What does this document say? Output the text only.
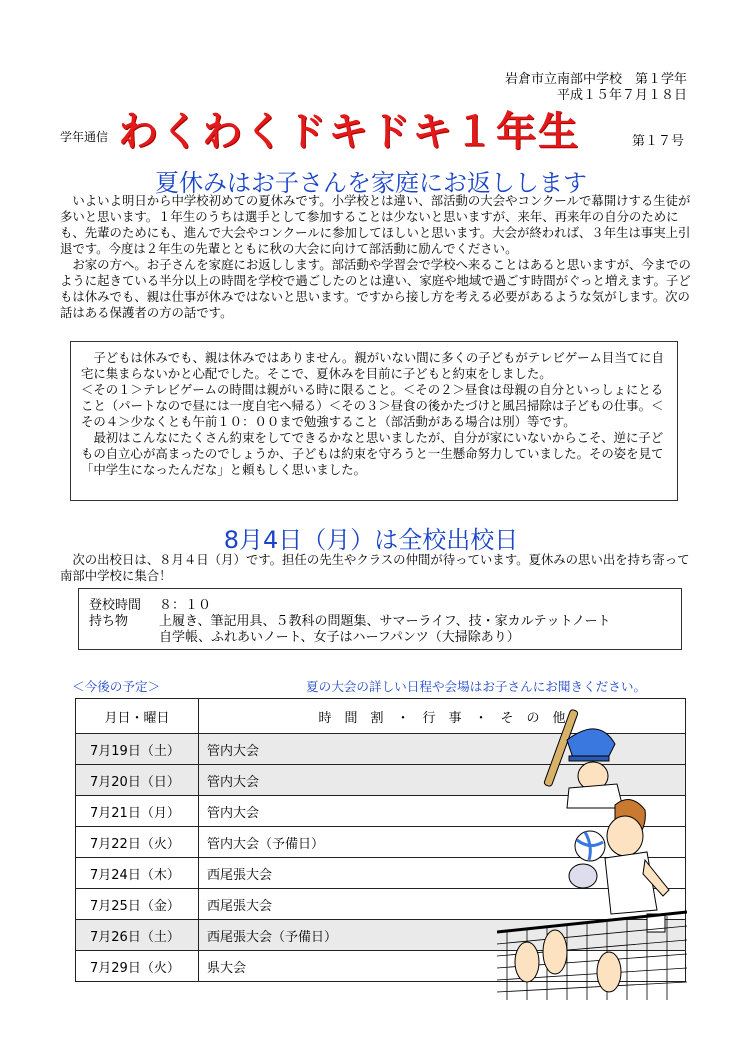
岩倉市立南部中学校　第１学年
平成１５年７月１８日
学年通信 わくわくドキドキ１年生	第１７号
夏休みはお子さんを家庭にお返しします
　いよいよ明日から中学校初めての夏休みです。小学校とは違い、部活動の大会やコンクールで幕開けする生徒が多いと思います。１年生のうちは選手として参加することは少ないと思いますが、来年、再来年の自分のためにも、先輩のためにも、進んで大会やコンクールに参加してほしいと思います。大会が終われば、３年生は事実上引退です。今度は２年生の先輩とともに秋の大会に向けて部活動に励んでください。
　お家の方へ。お子さんを家庭にお返しします。部活動や学習会で学校へ来ることはあると思いますが、今までのように起きている半分以上の時間を学校で過ごしたのとは違い、家庭や地域で過ごす時間がぐっと増えます。子どもは休みでも、親は仕事が休みではないと思います。ですから接し方を考える必要があるような気がします。次の話はある保護者の方の話です。
　子どもは休みでも、親は休みではありません。親がいない間に多くの子どもがテレビゲーム目当てに自宅に集まらないかと心配でした。そこで、夏休みを目前に子どもと約束をしました。
＜その１＞テレビゲームの時間は親がいる時に限ること。＜その２＞昼食は母親の自分といっしょにとること（パートなので昼には一度自宅へ帰る）＜その３＞昼食の後かたづけと風呂掃除は子どもの仕事。＜その４＞少なくとも午前１０：００まで勉強すること（部活動がある場合は別）等です。
　最初はこんなにたくさん約束をしてできるかなと思いましたが、自分が家にいないからこそ、逆に子どもの自立心が高まったのでしょうか、子どもは約束を守ろうと一生懸命努力していました。その姿を見て「中学生になったんだな」と頼もしく思いました。
8月4日（月）は全校出校日
　次の出校日は、８月４日（月）です。担任の先生やクラスの仲間が待っています。夏休みの思い出を持ち寄って南部中学校に集合！
登校時間	８：１０
持ち物	上履き、筆記用具、５教科の問題集、サマーライフ、技・家カルテットノート
自学帳、ふれあいノート、女子はハーフパンツ（大掃除あり）
＜今後の予定＞	夏の大会の詳しい日程や会場はお子さんにお聞きください。
月日・曜日	時　間　割　・　行　事　・　そ　の　他
7月19日（土）	管内大会
7月20日（日）	管内大会
7月21日（月）	管内大会
7月22日（火）	管内大会（予備日）
7月24日（木）	西尾張大会
7月25日（金）	西尾張大会
7月26日（土）	西尾張大会（予備日）
7月29日（火）	県大会
